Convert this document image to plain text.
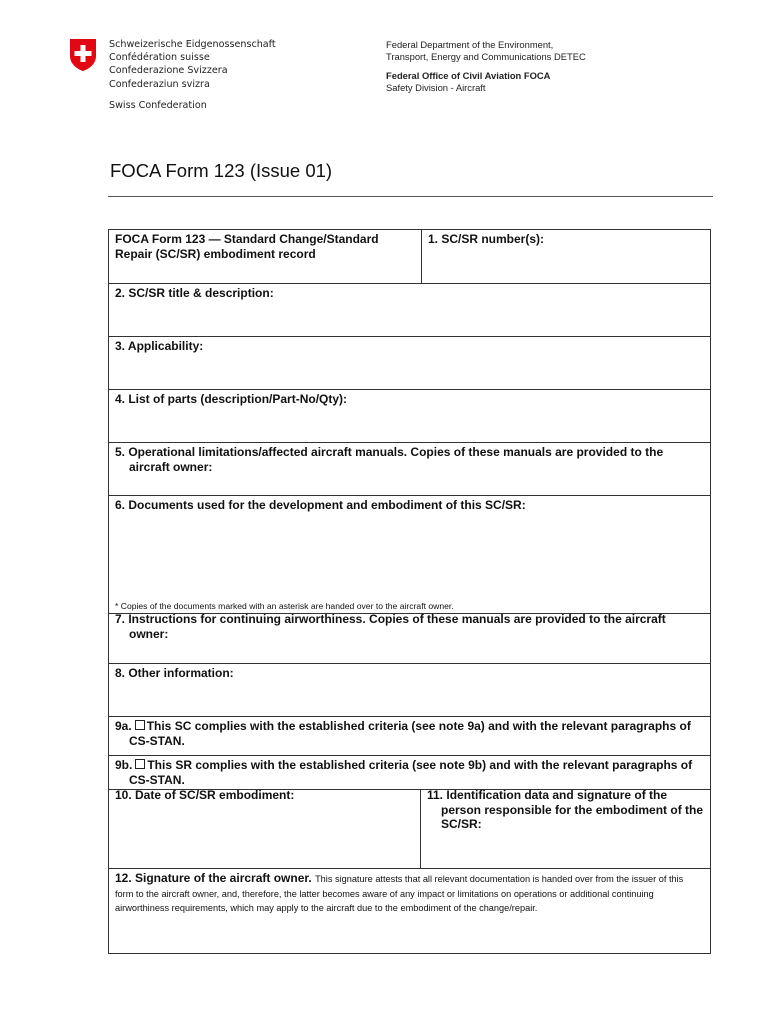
Schweizerische Eidgenossenschaft
Confédération suisse
Confederazione Svizzera
Confederaziun svizra
Swiss Confederation
Federal Department of the Environment,
Transport, Energy and Communications DETEC
Federal Office of Civil Aviation FOCA
Safety Division - Aircraft
FOCA Form 123 (Issue 01)
FOCA Form 123 — Standard Change/Standard Repair (SC/SR) embodiment record
1. SC/SR number(s):
2. SC/SR title & description:
3. Applicability:
4. List of parts (description/Part-No/Qty):
5. Operational limitations/affected aircraft manuals. Copies of these manuals are provided to the aircraft owner:
6. Documents used for the development and embodiment of this SC/SR:
* Copies of the documents marked with an asterisk are handed over to the aircraft owner.
7. Instructions for continuing airworthiness. Copies of these manuals are provided to the aircraft owner:
8. Other information:
9a. This SC complies with the established criteria (see note 9a) and with the relevant paragraphs of CS-STAN.
9b. This SR complies with the established criteria (see note 9b) and with the relevant paragraphs of CS-STAN.
10. Date of SC/SR embodiment:	11. Identification data and signature of the person responsible for the embodiment of the SC/SR:
12. Signature of the aircraft owner. This signature attests that all relevant documentation is handed over from the issuer of this form to the aircraft owner, and, therefore, the latter becomes aware of any impact or limitations on operations or additional continuing airworthiness requirements, which may apply to the aircraft due to the embodiment of the change/repair.
